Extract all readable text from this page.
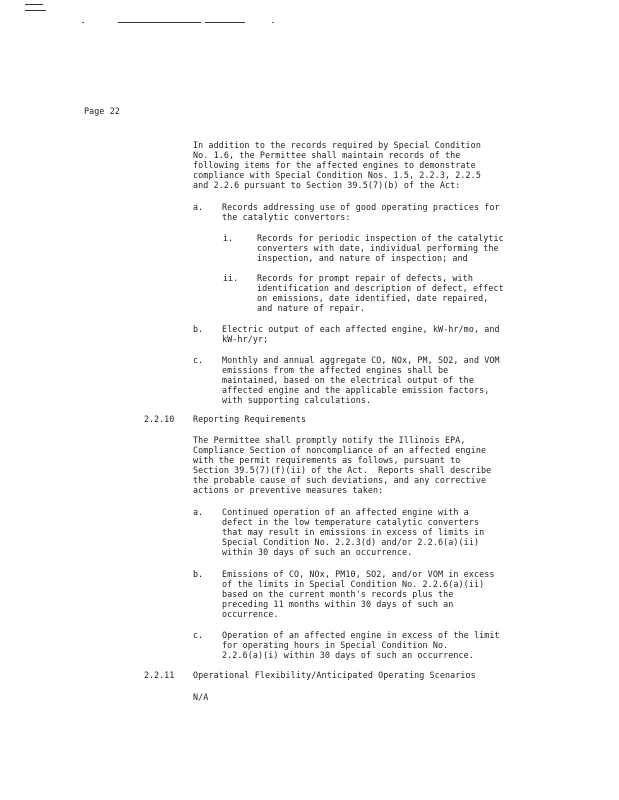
Page 22
In addition to the records required by Special Condition
No. 1.6, the Permittee shall maintain records of the
following items for the affected engines to demonstrate
compliance with Special Condition Nos. 1.5, 2.2.3, 2.2.5
and 2.2.6 pursuant to Section 39.5(7)(b) of the Act:
a. Records addressing use of good operating practices for
the catalytic convertors:
i.	Records for periodic inspection of the catalytic
converters with date, individual performing the
inspection, and nature of inspection; and
ii. Records for prompt repair of defects, with
identification and description of defect, effect
on emissions, date identified, date repaired,
and nature of repair.
b. Electric output of each affected engine, kW-hr/mo, and
kW-hr/yr;
c. Monthly and annual aggregate CO, NOx, PM, SO2, and VOM
emissions from the affected engines shall be
maintained, based on the electrical output of the
affected engine and the applicable emission factors,
with supporting calculations.
2.2.10 Reporting Requirements
The Permittee shall promptly notify the Illinois EPA,
Compliance Section of noncompliance of an affected engine
with the permit requirements as follows, pursuant to
Section 39.5(7)(f)(ii) of the Act.  Reports shall describe
the probable cause of such deviations, and any corrective
actions or preventive measures taken:
a. Continued operation of an affected engine with a
defect in the low temperature catalytic converters
that may result in emissions in excess of limits in
Special Condition No. 2.2.3(d) and/or 2.2.6(a)(ii)
within 30 days of such an occurrence.
b. Emissions of CO, NOx, PM10, SO2, and/or VOM in excess
of the limits in Special Condition No. 2.2.6(a)(ii)
based on the current month's records plus the
preceding 11 months within 30 days of such an
occurrence.
c. Operation of an affected engine in excess of the limit
for operating hours in Special Condition No.
2.2.6(a)(i) within 30 days of such an occurrence.
2.2.11 Operational Flexibility/Anticipated Operating Scenarios
N/A
